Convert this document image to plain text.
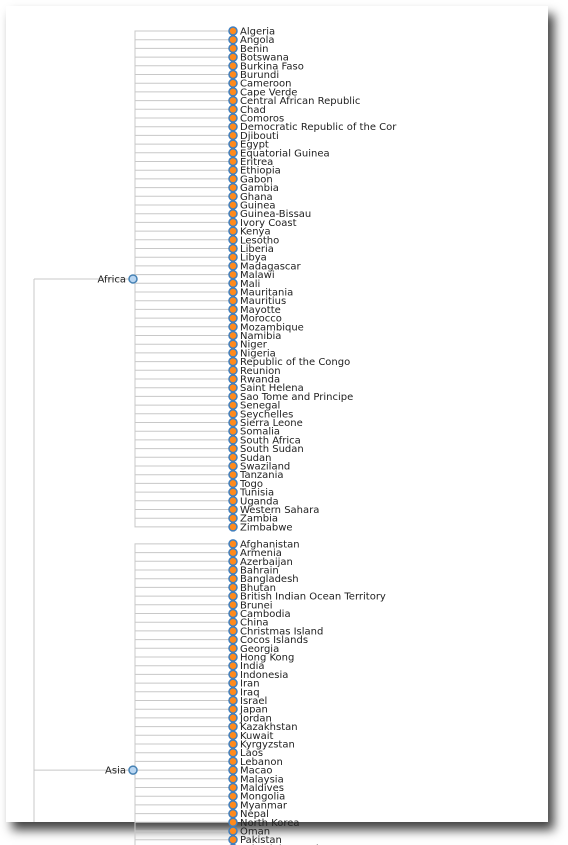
Algeria
Angola
Benin
Botswana
Burkina Faso
Burundi
Cameroon
Cape Verde
Central African Republic
Chad
Comoros
Democratic Republic of the Cor
Djibouti
Egypt
Equatorial Guinea
Eritrea
Ethiopia
Gabon
Gambia
Ghana
Guinea
Guinea-Bissau
Ivory Coast
Kenya
Lesotho
Liberia
Libya
Madagascar
Malawi
Mali
Mauritania
Mauritius
Mayotte
Morocco
Mozambique
Namibia
Niger
Nigeria
Republic of the Congo
Reunion
Rwanda
Saint Helena
Sao Tome and Principe
Senegal
Seychelles
Sierra Leone
Somalia
South Africa
South Sudan
Sudan
Swaziland
Tanzania
Togo
Tunisia
Uganda
Western Sahara
Zambia
Zimbabwe
Africa
Afghanistan
Armenia
Azerbaijan
Bahrain
Bangladesh
Bhutan
British Indian Ocean Territory
Brunei
Cambodia
China
Christmas Island
Cocos Islands
Georgia
Hong Kong
India
Indonesia
Iran
Iraq
Israel
Japan
Jordan
Kazakhstan
Kuwait
Kyrgyzstan
Laos
Lebanon
Macao
Malaysia
Maldives
Mongolia
Myanmar
Nepal
North Korea
Oman
Pakistan
Asia
